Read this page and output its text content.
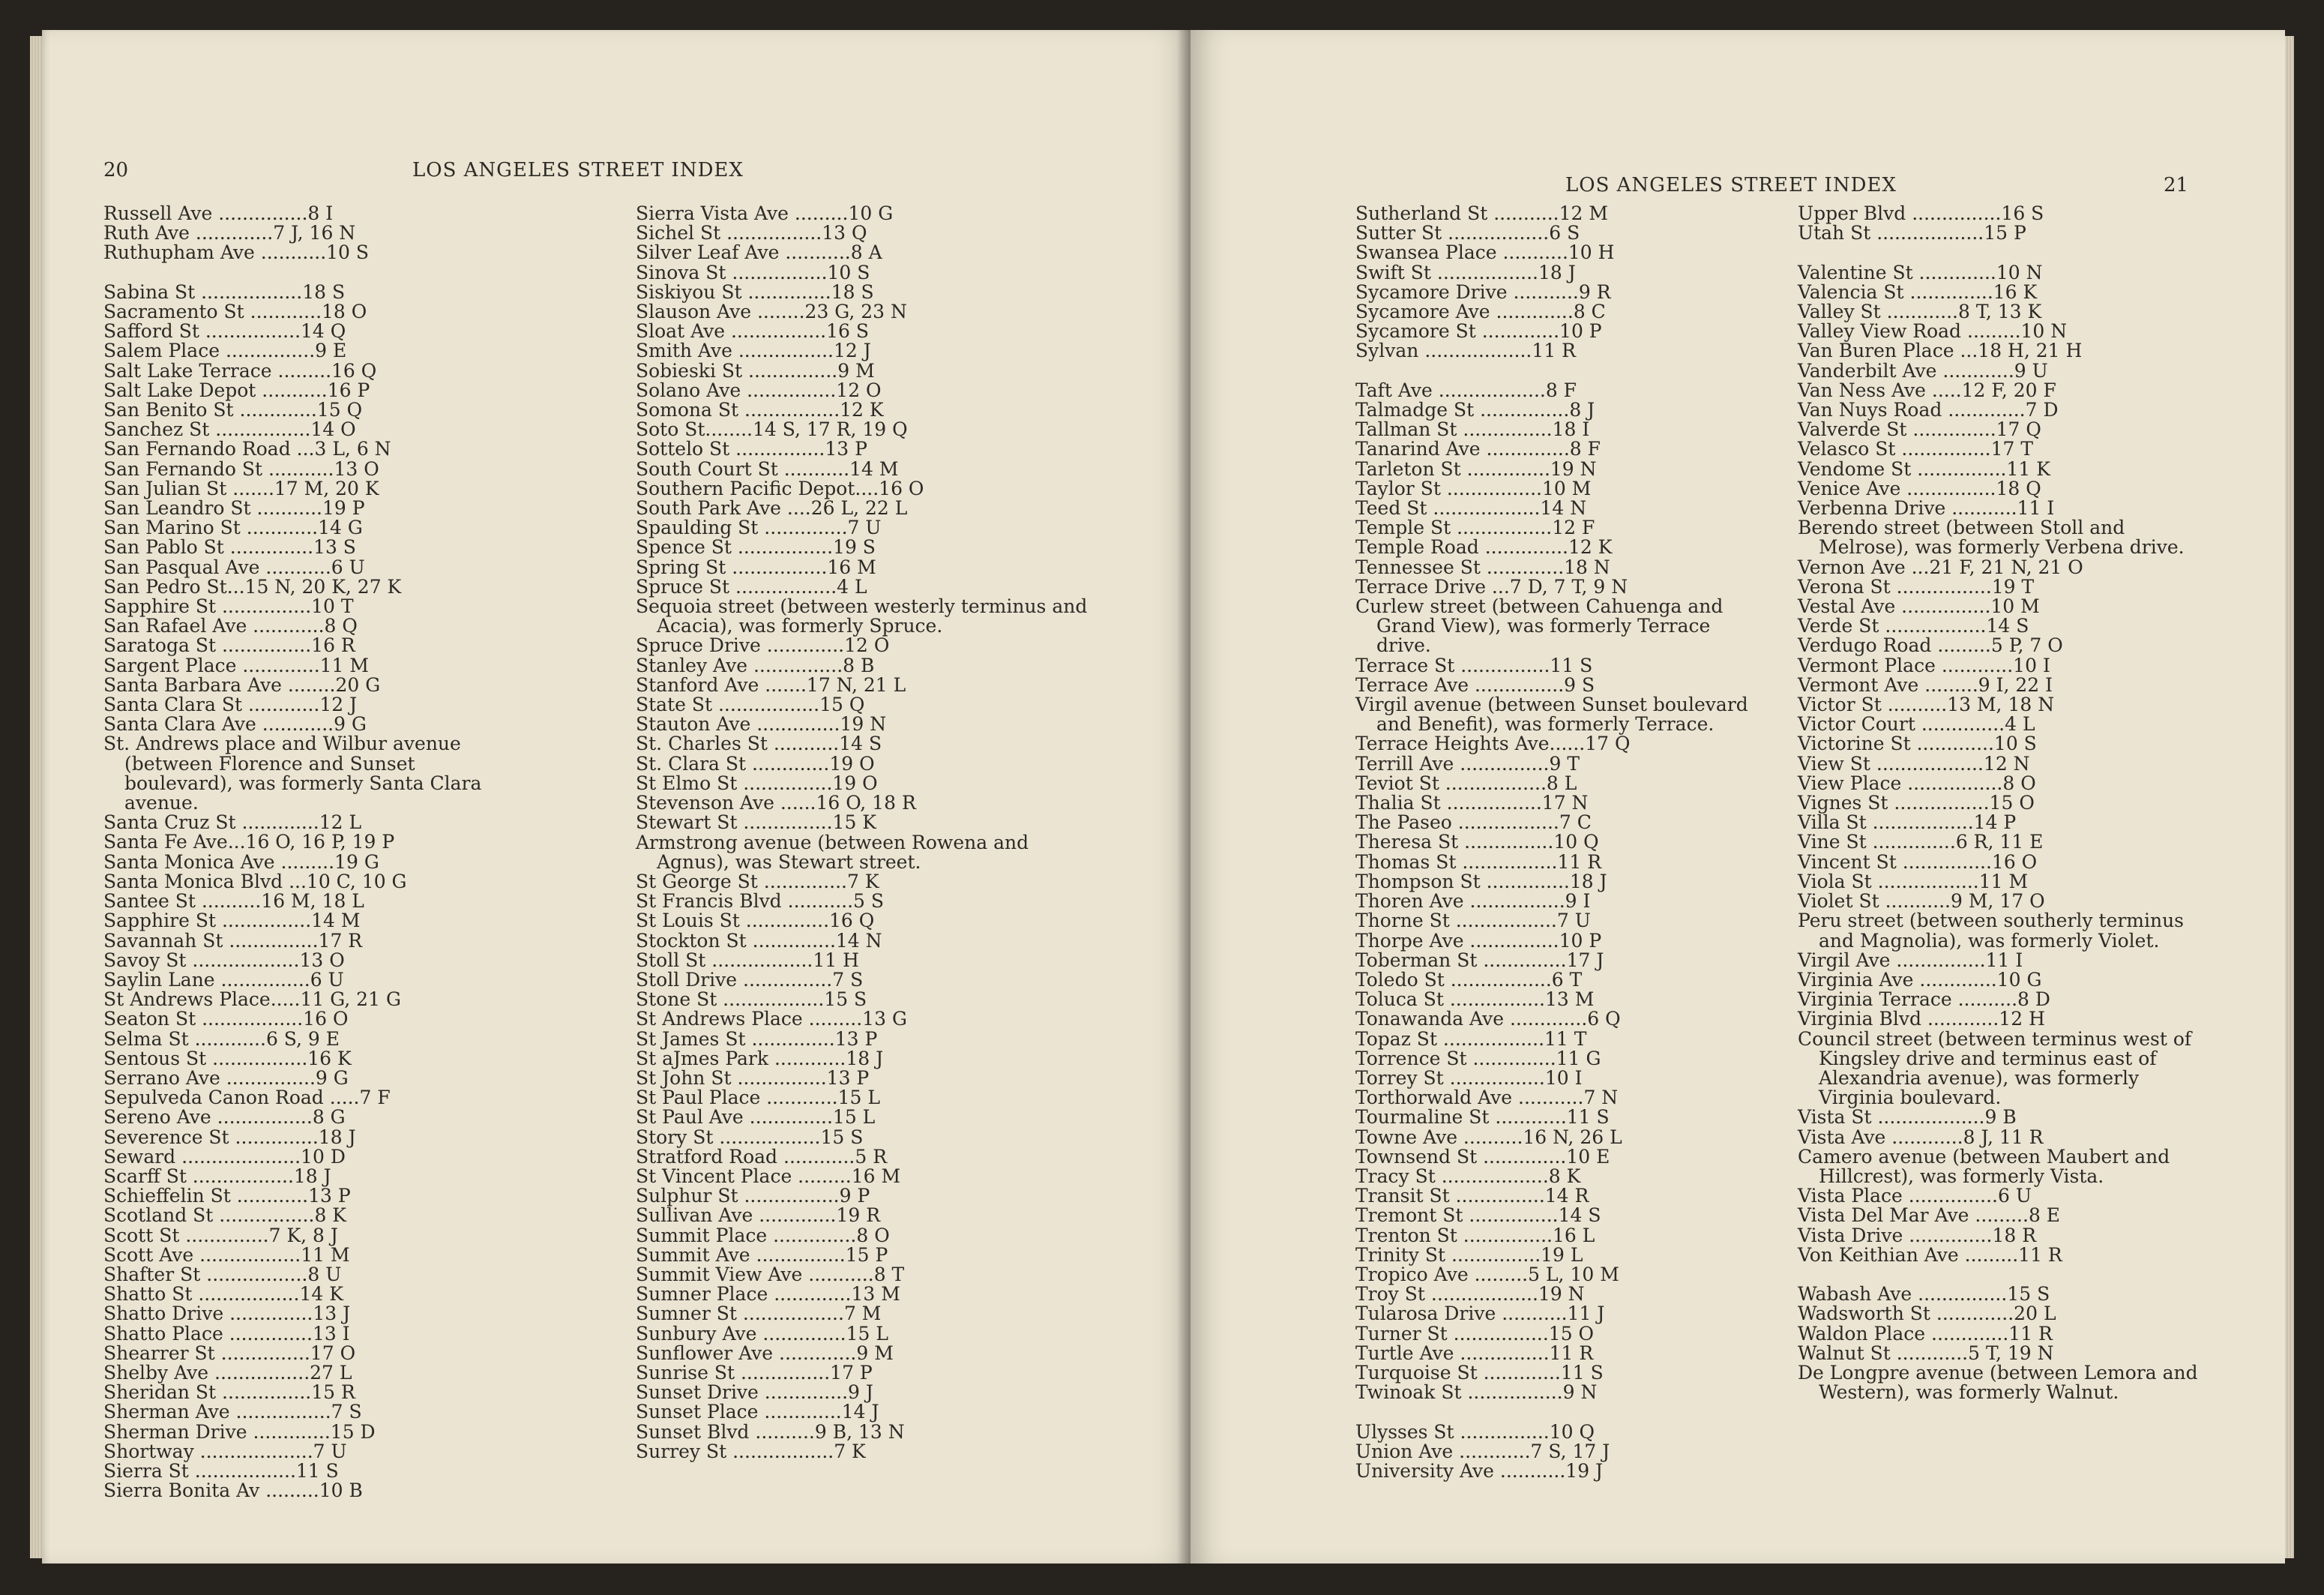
20	LOS ANGELES STREET INDEX
Russell Ave ...............8 I
Ruth Ave .............7 J, 16 N
Ruthupham Ave ...........10 S
Sabina St .................18 S
Sacramento St ............18 O
Safford St ................14 Q
Salem Place ...............9 E
Salt Lake Terrace .........16 Q
Salt Lake Depot ...........16 P
San Benito St .............15 Q
Sanchez St ................14 O
San Fernando Road ...3 L, 6 N
San Fernando St ...........13 O
San Julian St .......17 M, 20 K
San Leandro St ...........19 P
San Marino St ............14 G
San Pablo St ..............13 S
San Pasqual Ave ...........6 U
San Pedro St...15 N, 20 K, 27 K
Sapphire St ...............10 T
San Rafael Ave ............8 Q
Saratoga St ...............16 R
Sargent Place .............11 M
Santa Barbara Ave ........20 G
Santa Clara St ............12 J
Santa Clara Ave ............9 G
St. Andrews place and Wilbur avenue (between Florence and Sunset boulevard), was formerly Santa Clara avenue.
Santa Cruz St .............12 L
Santa Fe Ave...16 O, 16 P, 19 P
Santa Monica Ave .........19 G
Santa Monica Blvd ...10 C, 10 G
Santee St ..........16 M, 18 L
Sapphire St ...............14 M
Savannah St ...............17 R
Savoy St ..................13 O
Saylin Lane ...............6 U
St Andrews Place.....11 G, 21 G
Seaton St .................16 O
Selma St ............6 S, 9 E
Sentous St ................16 K
Serrano Ave ...............9 G
Sepulveda Canon Road .....7 F
Sereno Ave ................8 G
Severence St ..............18 J
Seward ....................10 D
Scarff St .................18 J
Schieffelin St ............13 P
Scotland St ................8 K
Scott St ..............7 K, 8 J
Scott Ave .................11 M
Shafter St .................8 U
Shatto St .................14 K
Shatto Drive ..............13 J
Shatto Place ..............13 I
Shearrer St ...............17 O
Shelby Ave ................27 L
Sheridan St ...............15 R
Sherman Ave ................7 S
Sherman Drive .............15 D
Shortway ...................7 U
Sierra St .................11 S
Sierra Bonita Av .........10 B
Sierra Vista Ave .........10 G
Sichel St ................13 Q
Silver Leaf Ave ...........8 A
Sinova St ................10 S
Siskiyou St ..............18 S
Slauson Ave ........23 G, 23 N
Sloat Ave ................16 S
Smith Ave ................12 J
Sobieski St ...............9 M
Solano Ave ...............12 O
Somona St ................12 K
Soto St........14 S, 17 R, 19 Q
Sottelo St ...............13 P
South Court St ...........14 M
Southern Pacific Depot....16 O
South Park Ave ....26 L, 22 L
Spaulding St ..............7 U
Spence St ................19 S
Spring St ................16 M
Spruce St .................4 L
Sequoia street (between westerly terminus and Acacia), was formerly Spruce.
Spruce Drive .............12 O
Stanley Ave ...............8 B
Stanford Ave .......17 N, 21 L
State St .................15 Q
Stauton Ave ..............19 N
St. Charles St ...........14 S
St. Clara St .............19 O
St Elmo St ...............19 O
Stevenson Ave ......16 O, 18 R
Stewart St ...............15 K
Armstrong avenue (between Rowena and Agnus), was Stewart street.
St George St ..............7 K
St Francis Blvd ...........5 S
St Louis St ..............16 Q
Stockton St ..............14 N
Stoll St .................11 H
Stoll Drive ...............7 S
Stone St .................15 S
St Andrews Place .........13 G
St James St ..............13 P
St aJmes Park ............18 J
St John St ...............13 P
St Paul Place ............15 L
St Paul Ave ..............15 L
Story St .................15 S
Stratford Road ............5 R
St Vincent Place .........16 M
Sulphur St ................9 P
Sullivan Ave .............19 R
Summit Place ..............8 O
Summit Ave ...............15 P
Summit View Ave ...........8 T
Sumner Place .............13 M
Sumner St .................7 M
Sunbury Ave ..............15 L
Sunflower Ave .............9 M
Sunrise St ...............17 P
Sunset Drive ..............9 J
Sunset Place .............14 J
Sunset Blvd ..........9 B, 13 N
Surrey St .................7 K
LOS ANGELES STREET INDEX	21
Sutherland St ...........12 M
Sutter St .................6 S
Swansea Place ...........10 H
Swift St .................18 J
Sycamore Drive ...........9 R
Sycamore Ave .............8 C
Sycamore St .............10 P
Sylvan ..................11 R
Taft Ave ..................8 F
Talmadge St ...............8 J
Tallman St ...............18 I
Tanarind Ave ..............8 F
Tarleton St ..............19 N
Taylor St ................10 M
Teed St ..................14 N
Temple St ................12 F
Temple Road ..............12 K
Tennessee St .............18 N
Terrace Drive ...7 D, 7 T, 9 N
Curlew street (between Cahuenga and Grand View), was formerly Terrace drive.
Terrace St ...............11 S
Terrace Ave ...............9 S
Virgil avenue (between Sunset boulevard and Benefit), was formerly Terrace.
Terrace Heights Ave......17 Q
Terrill Ave ...............9 T
Teviot St .................8 L
Thalia St ................17 N
The Paseo .................7 C
Theresa St ...............10 Q
Thomas St ................11 R
Thompson St ..............18 J
Thoren Ave ................9 I
Thorne St .................7 U
Thorpe Ave ...............10 P
Toberman St ..............17 J
Toledo St .................6 T
Toluca St ................13 M
Tonawanda Ave .............6 Q
Topaz St .................11 T
Torrence St ..............11 G
Torrey St ................10 I
Torthorwald Ave ...........7 N
Tourmaline St ............11 S
Towne Ave ..........16 N, 26 L
Townsend St ..............10 E
Tracy St ..................8 K
Transit St ...............14 R
Tremont St ...............14 S
Trenton St ...............16 L
Trinity St ...............19 L
Tropico Ave .........5 L, 10 M
Troy St ..................19 N
Tularosa Drive ...........11 J
Turner St ................15 O
Turtle Ave ...............11 R
Turquoise St .............11 S
Twinoak St ................9 N
Ulysses St ...............10 Q
Union Ave ............7 S, 17 J
University Ave ...........19 J
Upper Blvd ...............16 S
Utah St ..................15 P
Valentine St .............10 N
Valencia St ..............16 K
Valley St ............8 T, 13 K
Valley View Road .........10 N
Van Buren Place ...18 H, 21 H
Vanderbilt Ave ............9 U
Van Ness Ave .....12 F, 20 F
Van Nuys Road .............7 D
Valverde St ..............17 Q
Velasco St ...............17 T
Vendome St ...............11 K
Venice Ave ...............18 Q
Verbenna Drive ...........11 I
Berendo street (between Stoll and Melrose), was formerly Verbena drive.
Vernon Ave ...21 F, 21 N, 21 O
Verona St ................19 T
Vestal Ave ...............10 M
Verde St .................14 S
Verdugo Road .........5 P, 7 O
Vermont Place ............10 I
Vermont Ave .........9 I, 22 I
Victor St ..........13 M, 18 N
Victor Court ..............4 L
Victorine St .............10 S
View St ..................12 N
View Place ................8 O
Vignes St ................15 O
Villa St .................14 P
Vine St ..............6 R, 11 E
Vincent St ...............16 O
Viola St .................11 M
Violet St ...........9 M, 17 O
Peru street (between southerly terminus and Magnolia), was formerly Violet.
Virgil Ave ...............11 I
Virginia Ave .............10 G
Virginia Terrace ..........8 D
Virginia Blvd ............12 H
Council street (between terminus west of Kingsley drive and terminus east of Alexandria avenue), was formerly Virginia boulevard.
Vista St ..................9 B
Vista Ave ............8 J, 11 R
Camero avenue (between Maubert and Hillcrest), was formerly Vista.
Vista Place ...............6 U
Vista Del Mar Ave .........8 E
Vista Drive ..............18 R
Von Keithian Ave .........11 R
Wabash Ave ...............15 S
Wadsworth St .............20 L
Waldon Place .............11 R
Walnut St ............5 T, 19 N
De Longpre avenue (between Lemora and Western), was formerly Walnut.
